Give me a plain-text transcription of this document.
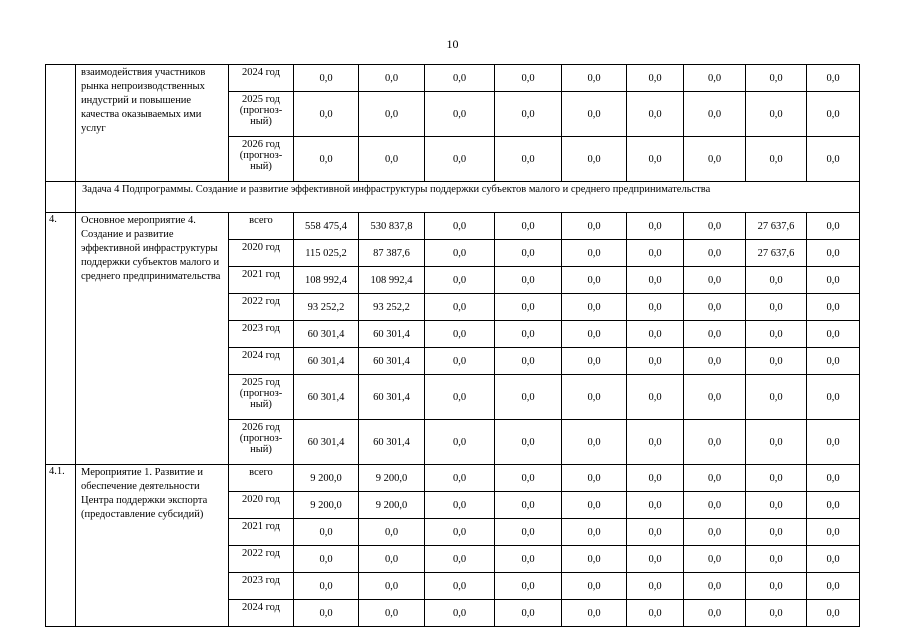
10
	взаимодействия участников рынка непроизводственных индустрий и повышение качества оказываемых ими услуг	2024 год	0,0	0,0	0,0	0,0	0,0	0,0	0,0	0,0	0,0
		2025 год (прогноз-ный)	0,0	0,0	0,0	0,0	0,0	0,0	0,0	0,0	0,0
		2026 год (прогноз-ный)	0,0	0,0	0,0	0,0	0,0	0,0	0,0	0,0	0,0
	Задача 4 Подпрограммы. Создание и развитие эффективной инфраструктуры поддержки субъектов малого и среднего предпринимательства										
4.	Основное мероприятие 4. Создание и развитие эффективной инфраструктуры поддержки субъектов малого и среднего предпринимательства	всего	558 475,4	530 837,8	0,0	0,0	0,0	0,0	0,0	27 637,6	0,0
		2020 год	115 025,2	87 387,6	0,0	0,0	0,0	0,0	0,0	27 637,6	0,0
		2021 год	108 992,4	108 992,4	0,0	0,0	0,0	0,0	0,0	0,0	0,0
		2022 год	93 252,2	93 252,2	0,0	0,0	0,0	0,0	0,0	0,0	0,0
		2023 год	60 301,4	60 301,4	0,0	0,0	0,0	0,0	0,0	0,0	0,0
		2024 год	60 301,4	60 301,4	0,0	0,0	0,0	0,0	0,0	0,0	0,0
		2025 год (прогноз-ный)	60 301,4	60 301,4	0,0	0,0	0,0	0,0	0,0	0,0	0,0
		2026 год (прогноз-ный)	60 301,4	60 301,4	0,0	0,0	0,0	0,0	0,0	0,0	0,0
4.1.	Мероприятие 1. Развитие и обеспечение деятельности Центра поддержки экспорта (предоставление субсидий)	всего	9 200,0	9 200,0	0,0	0,0	0,0	0,0	0,0	0,0	0,0
		2020 год	9 200,0	9 200,0	0,0	0,0	0,0	0,0	0,0	0,0	0,0
		2021 год	0,0	0,0	0,0	0,0	0,0	0,0	0,0	0,0	0,0
		2022 год	0,0	0,0	0,0	0,0	0,0	0,0	0,0	0,0	0,0
		2023 год	0,0	0,0	0,0	0,0	0,0	0,0	0,0	0,0	0,0
		2024 год	0,0	0,0	0,0	0,0	0,0	0,0	0,0	0,0	0,0
